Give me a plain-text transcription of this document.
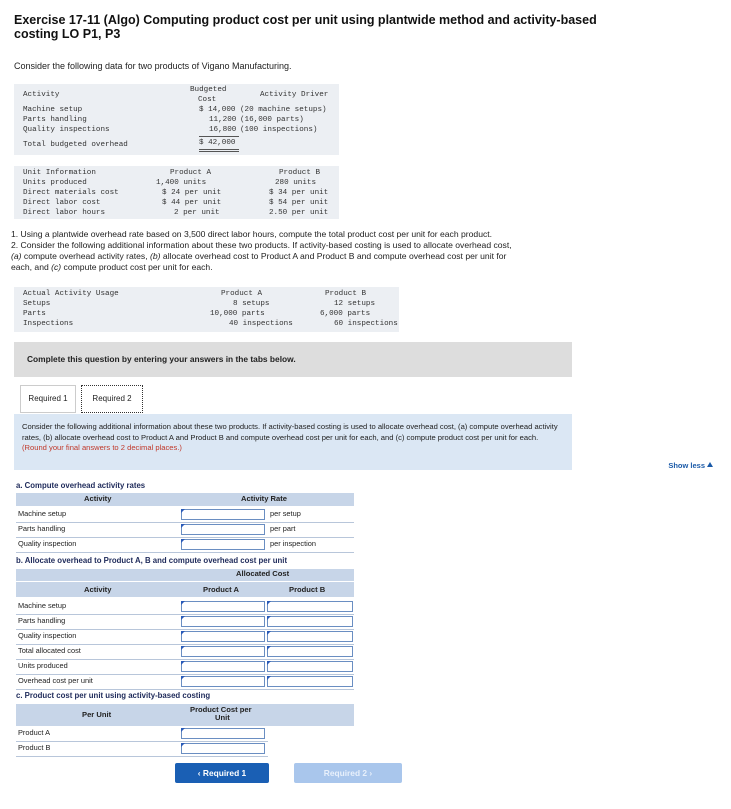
Exercise 17-11 (Algo) Computing product cost per unit using plantwide method and activity-based
costing LO P1, P3
Consider the following data for two products of Vigano Manufacturing.
Activity
Budgeted
Cost
Activity Driver
Machine setup	$ 14,000 (20 machine setups)
Parts handling	11,200 (16,000 parts)
Quality inspections	16,800 (100 inspections)
Total budgeted overhead	$ 42,000
Unit Information	Product A	Product B
Units produced	1,400 units	280 units
Direct materials cost	$ 24 per unit	$ 34 per unit
Direct labor cost	$ 44 per unit	$ 54 per unit
Direct labor hours	2 per unit	2.50 per unit
1. Using a plantwide overhead rate based on 3,500 direct labor hours, compute the total product cost per unit for each product.
2. Consider the following additional information about these two products. If activity-based costing is used to allocate overhead cost,
(a) compute overhead activity rates, (b) allocate overhead cost to Product A and Product B and compute overhead cost per unit for
each, and (c) compute product cost per unit for each.
Actual Activity Usage	Product A	Product B
Setups	8 setups	12 setups
Parts	10,000 parts	6,000 parts
Inspections	40 inspections	60 inspections
Complete this question by entering your answers in the tabs below.
Required 1	Required 2

Consider the following additional information about these two products. If activity-based costing is used to allocate overhead cost, (a) compute overhead activity rates, (b) allocate overhead cost to Product A and Product B and compute overhead cost per unit for each, and (c) compute product cost per unit for each. (Round your final answers to 2 decimal places.)

Show less
a. Compute overhead activity rates
Activity	Activity Rate
Machine setup	per setup
Parts handling	per part
Quality inspection	per inspection
b. Allocate overhead to Product A, B and compute overhead cost per unit
Allocated Cost
Activity	Product A	Product B
Machine setup
Parts handling
Quality inspection
Total allocated cost
Units produced
Overhead cost per unit
c. Product cost per unit using activity-based costing
Per Unit
Product Cost per
Unit
Product A
Product B
‹ Required 1	Required 2 ›
